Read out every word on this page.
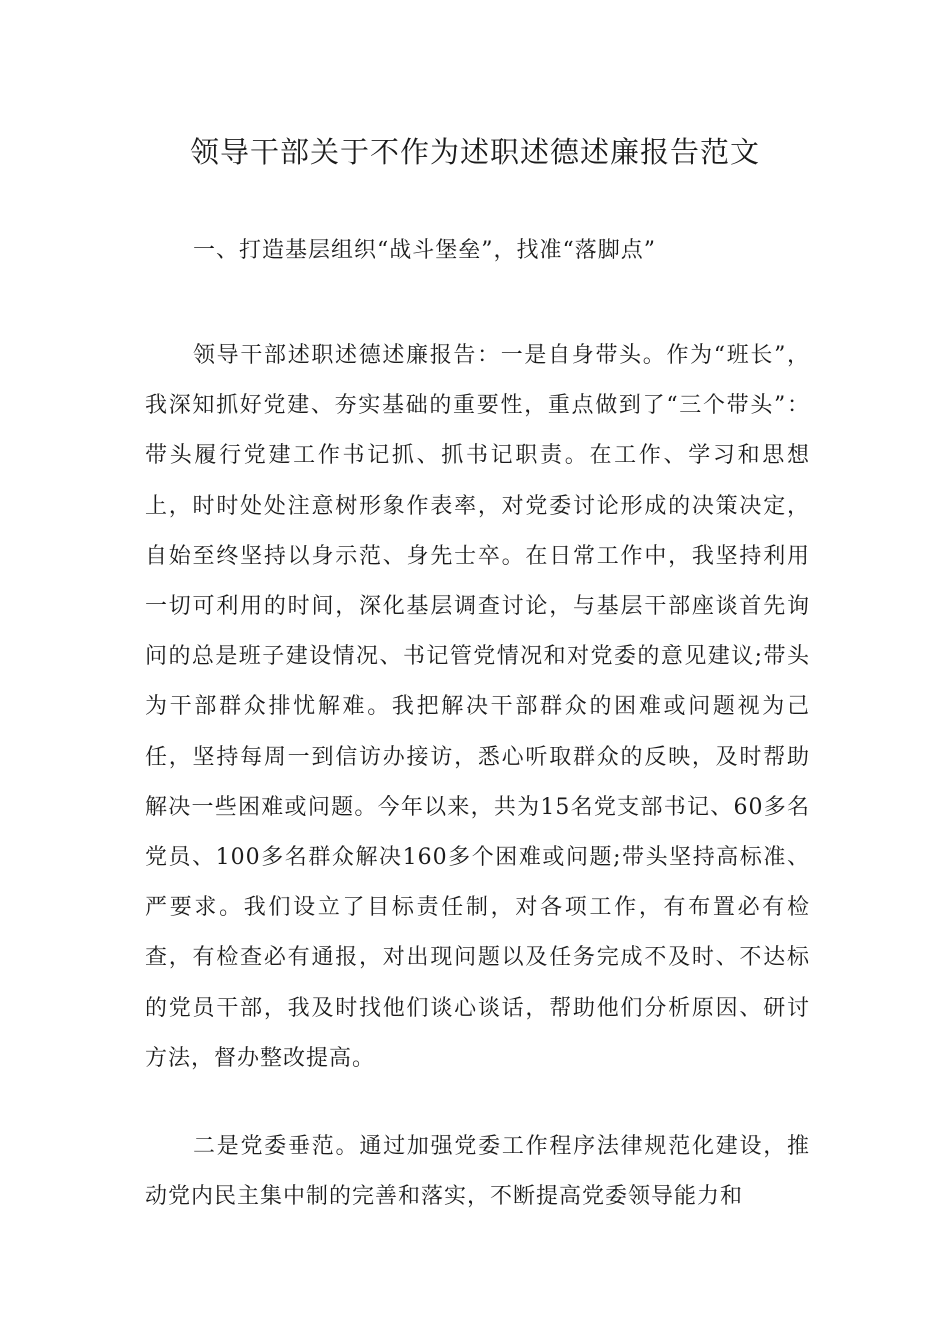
领导干部关于不作为述职述德述廉报告范文
一、打造基层组织“战斗堡垒”，找准“落脚点”

领导干部述职述德述廉报告：一是自身带头。作为“班长”，我深知抓好党建、夯实基础的重要性，重点做到了“三个带头”：带头履行党建工作书记抓、抓书记职责。在工作、学习和思想上，时时处处注意树形象作表率，对党委讨论形成的决策决定，自始至终坚持以身示范、身先士卒。在日常工作中，我坚持利用一切可利用的时间，深化基层调查讨论，与基层干部座谈首先询问的总是班子建设情况、书记管党情况和对党委的意见建议;带头为干部群众排忧解难。我把解决干部群众的困难或问题视为己任，坚持每周一到信访办接访，悉心听取群众的反映，及时帮助解决一些困难或问题。今年以来，共为15名党支部书记、60多名党员、100多名群众解决160多个困难或问题;带头坚持高标准、严要求。我们设立了目标责任制，对各项工作，有布置必有检查，有检查必有通报，对出现问题以及任务完成不及时、不达标的党员干部，我及时找他们谈心谈话，帮助他们分析原因、研讨方法，督办整改提高。

二是党委垂范。通过加强党委工作程序法律规范化建设，推动党内民主集中制的完善和落实，不断提高党委领导能力和
